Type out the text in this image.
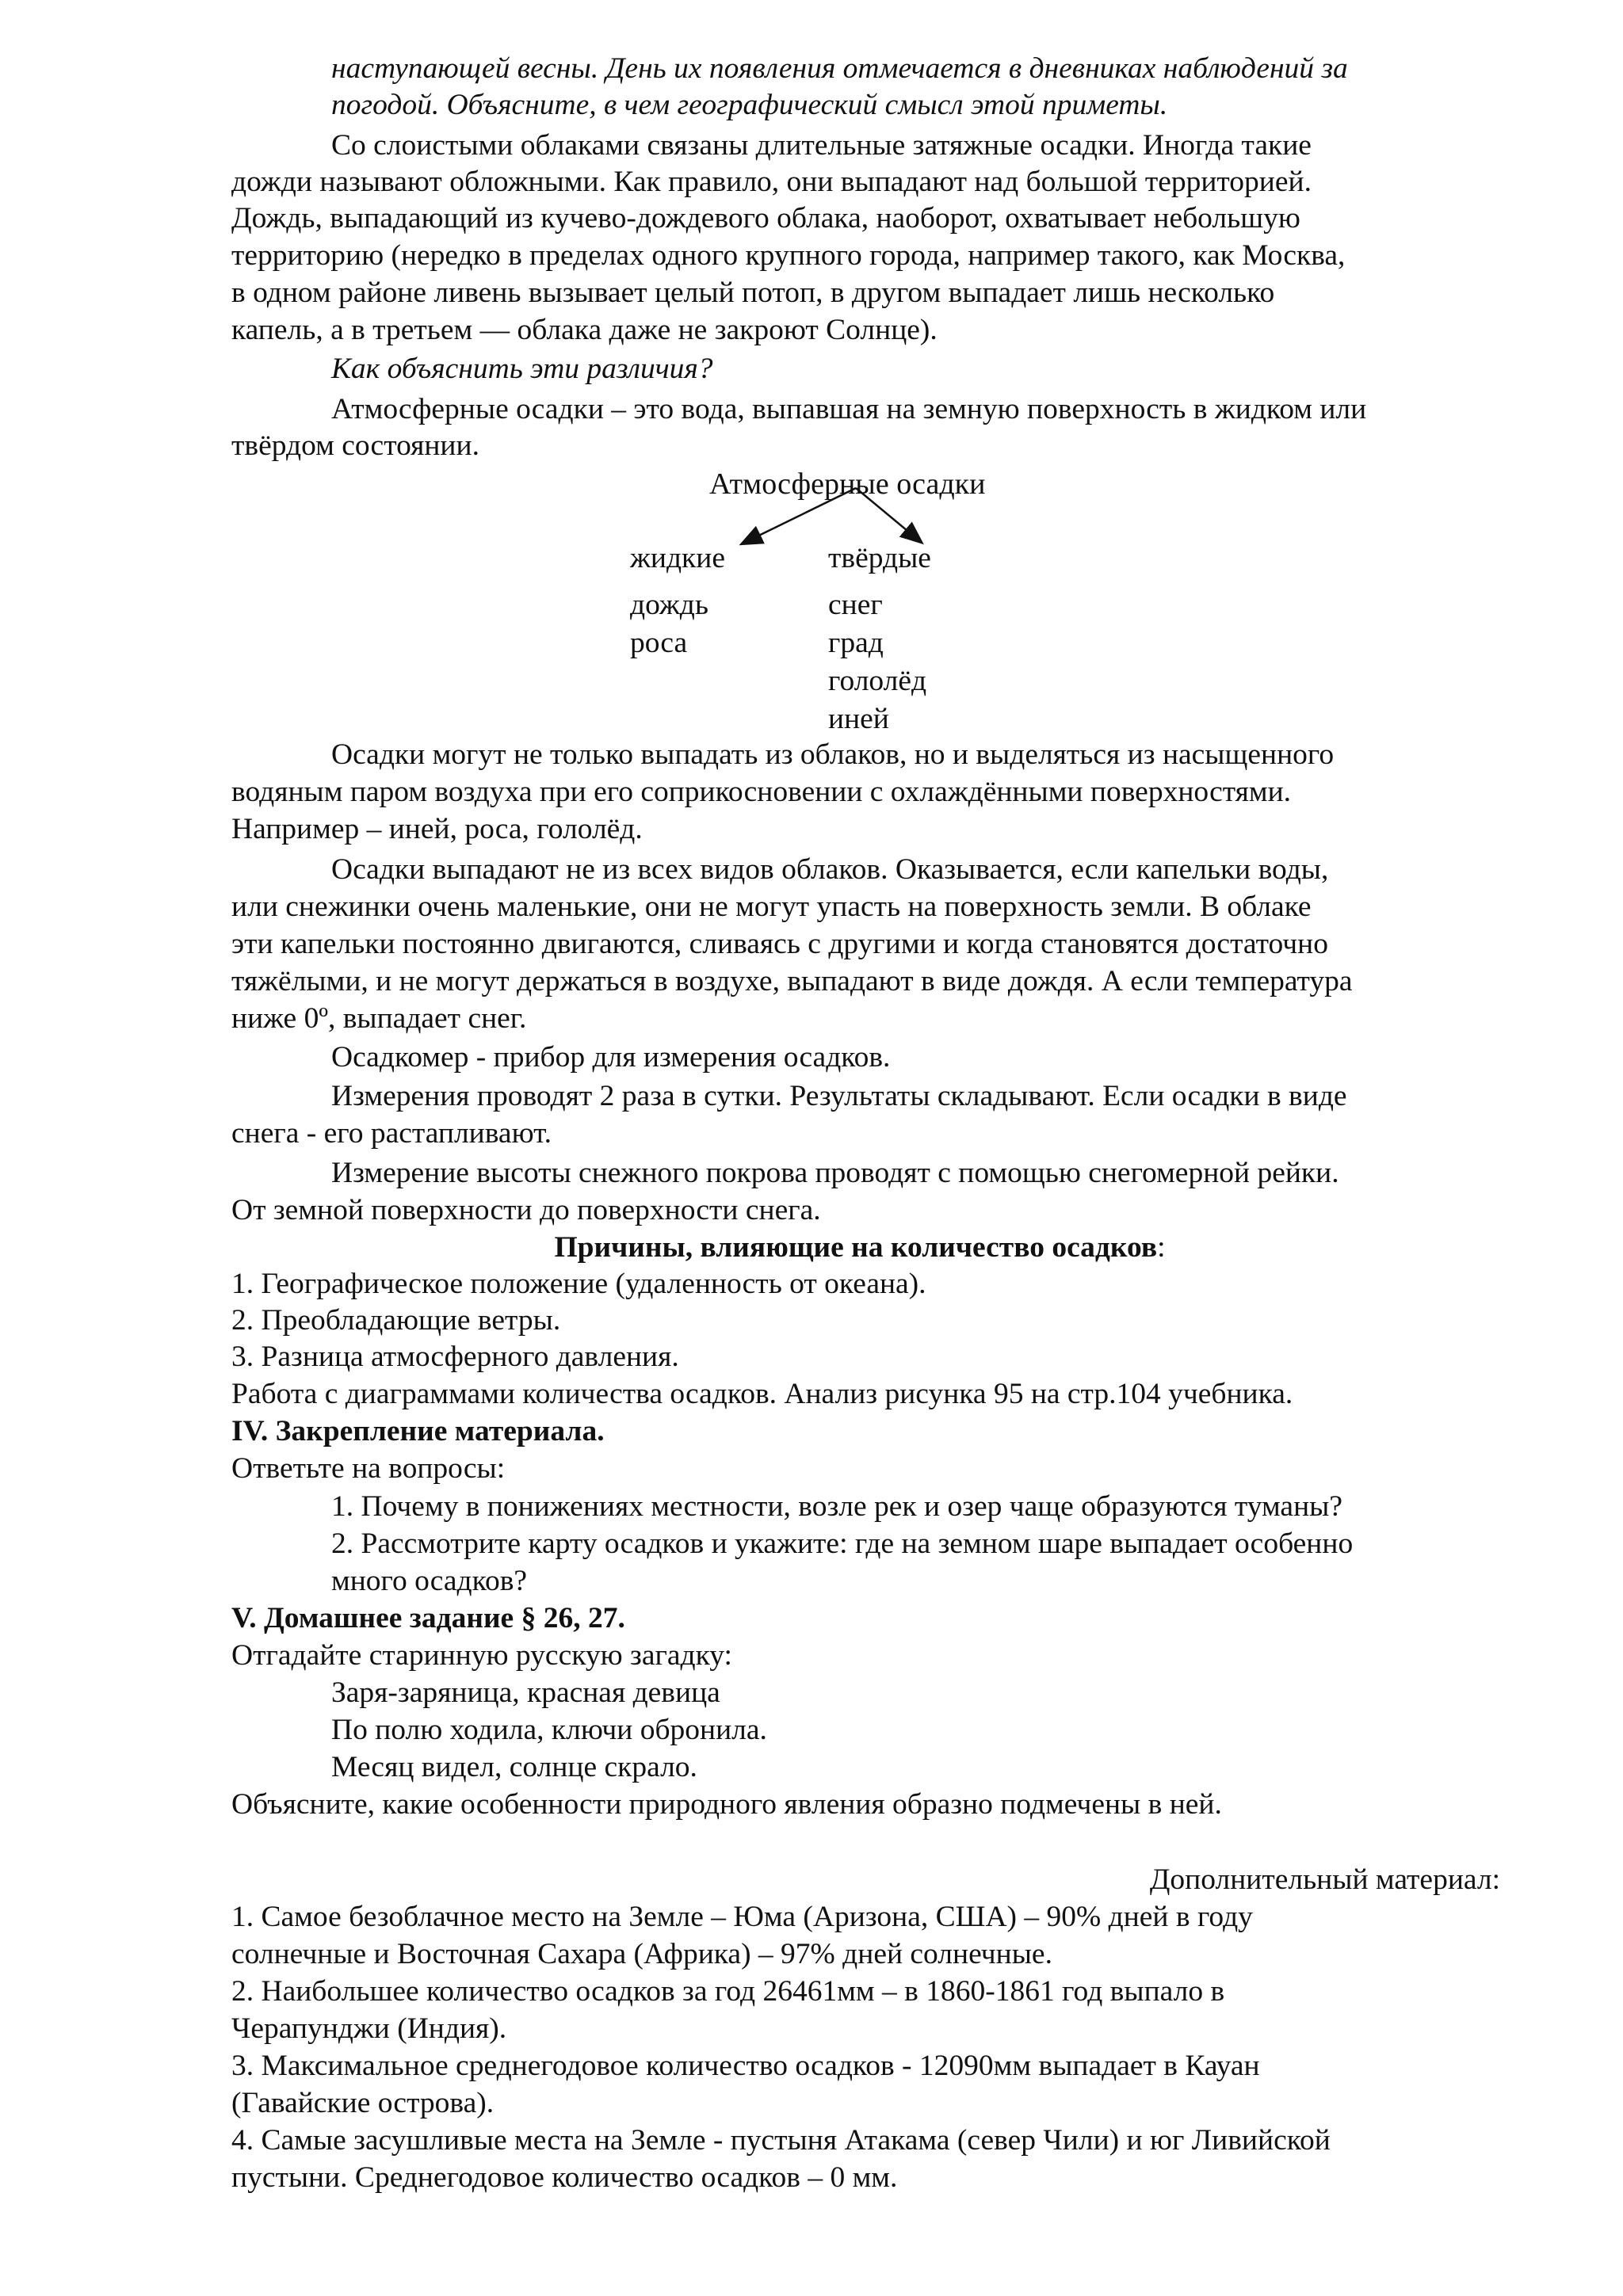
наступающей весны. День их появления отмечается в дневниках наблюдений за
погодой. Объясните, в чем географический смысл этой приметы.
Со слоистыми облаками связаны длительные затяжные осадки. Иногда такие
дожди называют обложными. Как правило, они выпадают над большой территорией.
Дождь, выпадающий из кучево-дождевого облака, наоборот, охватывает небольшую
территорию (нередко в пределах одного крупного города, например такого, как Москва,
в одном районе ливень вызывает целый потоп, в другом выпадает лишь несколько
капель, а в третьем — облака даже не закроют Солнце).
Как объяснить эти различия?
Атмосферные осадки – это вода, выпавшая на земную поверхность в жидком или
твёрдом состоянии.
Атмосферные осадки
жидкие	твёрдые
дождь
роса
снег
град
гололёд
иней
Осадки могут не только выпадать из облаков, но и выделяться из насыщенного
водяным паром воздуха при его соприкосновении с охлаждёнными поверхностями.
Например – иней, роса, гололёд.
Осадки выпадают не из всех видов облаков. Оказывается, если капельки воды,
или снежинки очень маленькие, они не могут упасть на поверхность земли. В облаке
эти капельки постоянно двигаются, сливаясь с другими и когда становятся достаточно
тяжёлыми, и не могут держаться в воздухе, выпадают в виде дождя. А если температура
ниже 0º, выпадает снег.
Осадкомер - прибор для измерения осадков.
Измерения проводят 2 раза в сутки. Результаты складывают. Если осадки в виде
снега - его растапливают.
Измерение высоты снежного покрова проводят с помощью снегомерной рейки.
От земной поверхности до поверхности снега.
Причины, влияющие на количество осадков:
1. Географическое положение (удаленность от океана).
2. Преобладающие ветры.
3. Разница атмосферного давления.
Работа с диаграммами количества осадков. Анализ рисунка 95 на стр.104 учебника.
IV. Закрепление материала.
Ответьте на вопросы:
1. Почему в понижениях местности, возле рек и озер чаще образуются туманы?
2. Рассмотрите карту осадков и укажите: где на земном шаре выпадает особенно
много осадков?
V. Домашнее задание § 26, 27.
Отгадайте старинную русскую загадку:
Заря-заряница, красная девица
По полю ходила, ключи обронила.
Месяц видел, солнце скрало.
Объясните, какие особенности природного явления образно подмечены в ней.
Дополнительный материал:
1. Самое безоблачное место на Земле – Юма (Аризона, США) – 90% дней в году
солнечные и Восточная Сахара (Африка) – 97% дней солнечные.
2. Наибольшее количество осадков за год 26461мм – в 1860-1861 год выпало в
Черапунджи (Индия).
3. Максимальное среднегодовое количество осадков - 12090мм выпадает в Кауан
(Гавайские острова).
4. Самые засушливые места на Земле - пустыня Атакама (север Чили) и юг Ливийской
пустыни. Среднегодовое количество осадков – 0 мм.
